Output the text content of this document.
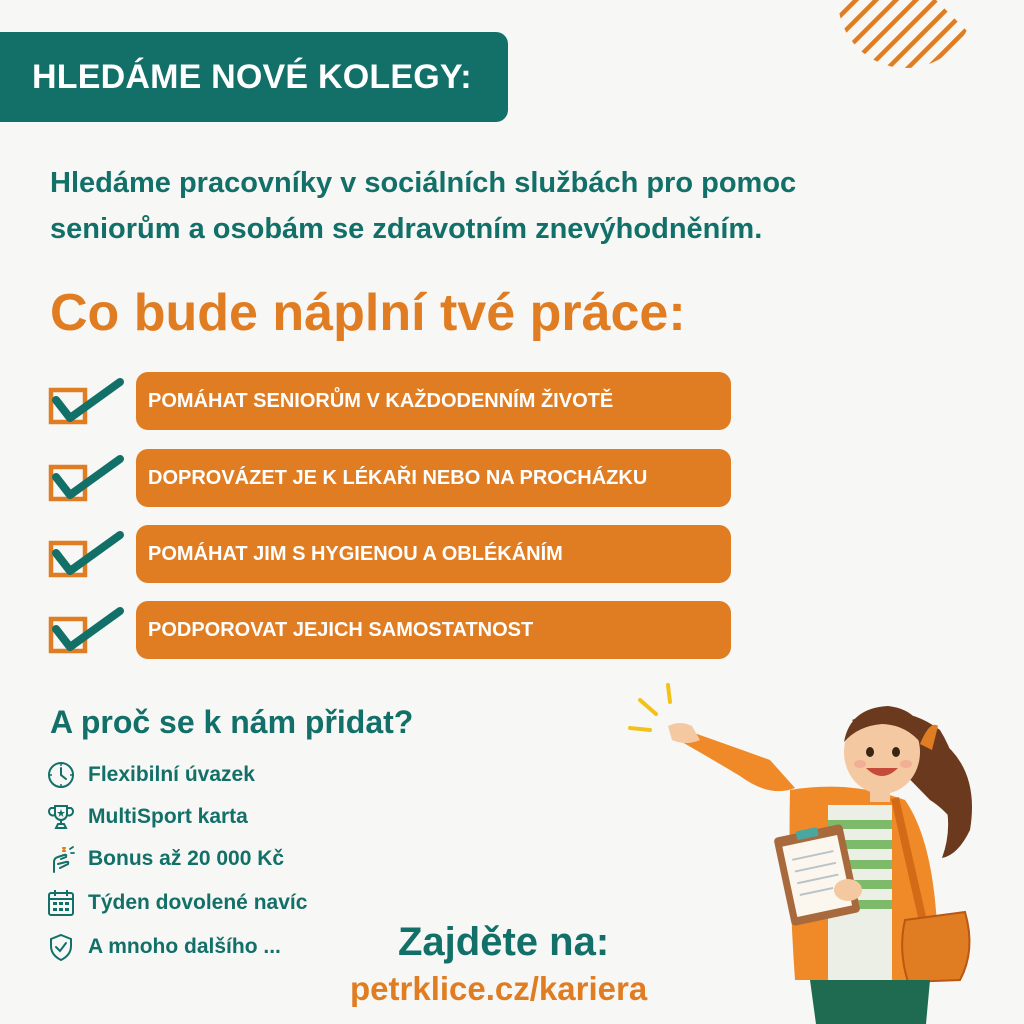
HLEDÁME NOVÉ KOLEGY:
Hledáme pracovníky v sociálních službách pro pomoc
seniorům a osobám se zdravotním znevýhodněním.
Co bude náplní tvé práce:
POMÁHAT SENIORŮM V KAŽDODENNÍM ŽIVOTĚ
DOPROVÁZET JE K LÉKAŘI NEBO NA PROCHÁZKU
POMÁHAT JIM S HYGIENOU A OBLÉKÁNÍM
PODPOROVAT JEJICH SAMOSTATNOST
A proč se k nám přidat?
Flexibilní úvazek
MultiSport karta
Bonus až 20 000 Kč
Týden dovolené navíc
A mnoho dalšího ...	Zajděte na:
petrklice.cz/kariera
